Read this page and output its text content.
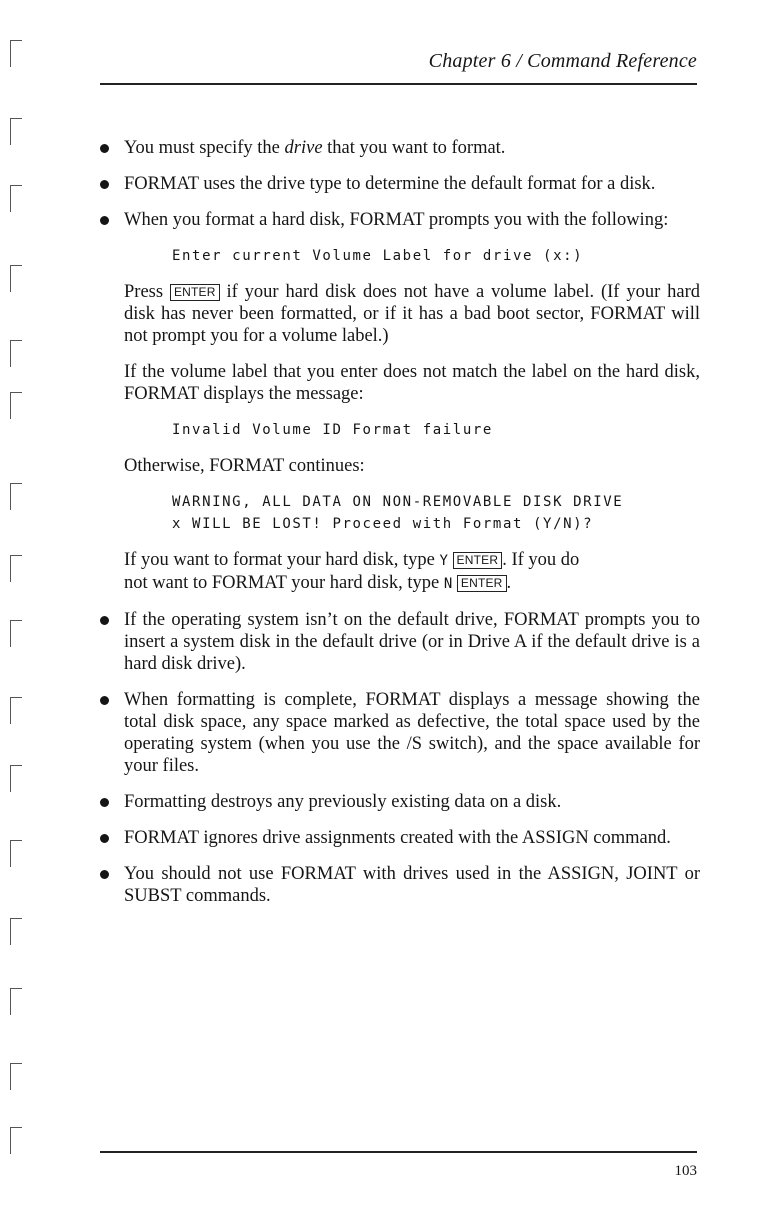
Chapter 6 / Command Reference
You must specify the drive that you want to format.
FORMAT uses the drive type to determine the default format for a disk.
When you format a hard disk, FORMAT prompts you with the following:
Enter current Volume Label for drive (x:)
Press ENTER if your hard disk does not have a volume label. (If your hard disk has never been formatted, or if it has a bad boot sector, FORMAT will not prompt you for a volume label.)
If the volume label that you enter does not match the label on the hard disk, FORMAT displays the message:
Invalid Volume ID Format failure
Otherwise, FORMAT continues:
WARNING, ALL DATA ON NON-REMOVABLE DISK DRIVE
x WILL BE LOST! Proceed with Format (Y/N)?
If you want to format your hard disk, type Y ENTER . If you do
not want to FORMAT your hard disk, type N ENTER .
If the operating system isn’t on the default drive, FORMAT prompts you to insert a system disk in the default drive (or in Drive A if the default drive is a hard disk drive).
When formatting is complete, FORMAT displays a message showing the total disk space, any space marked as defective, the total space used by the operating system (when you use the /S switch), and the space available for your files.
Formatting destroys any previously existing data on a disk.
FORMAT ignores drive assignments created with the ASSIGN command.
You should not use FORMAT with drives used in the ASSIGN, JOINT or SUBST commands.
103
